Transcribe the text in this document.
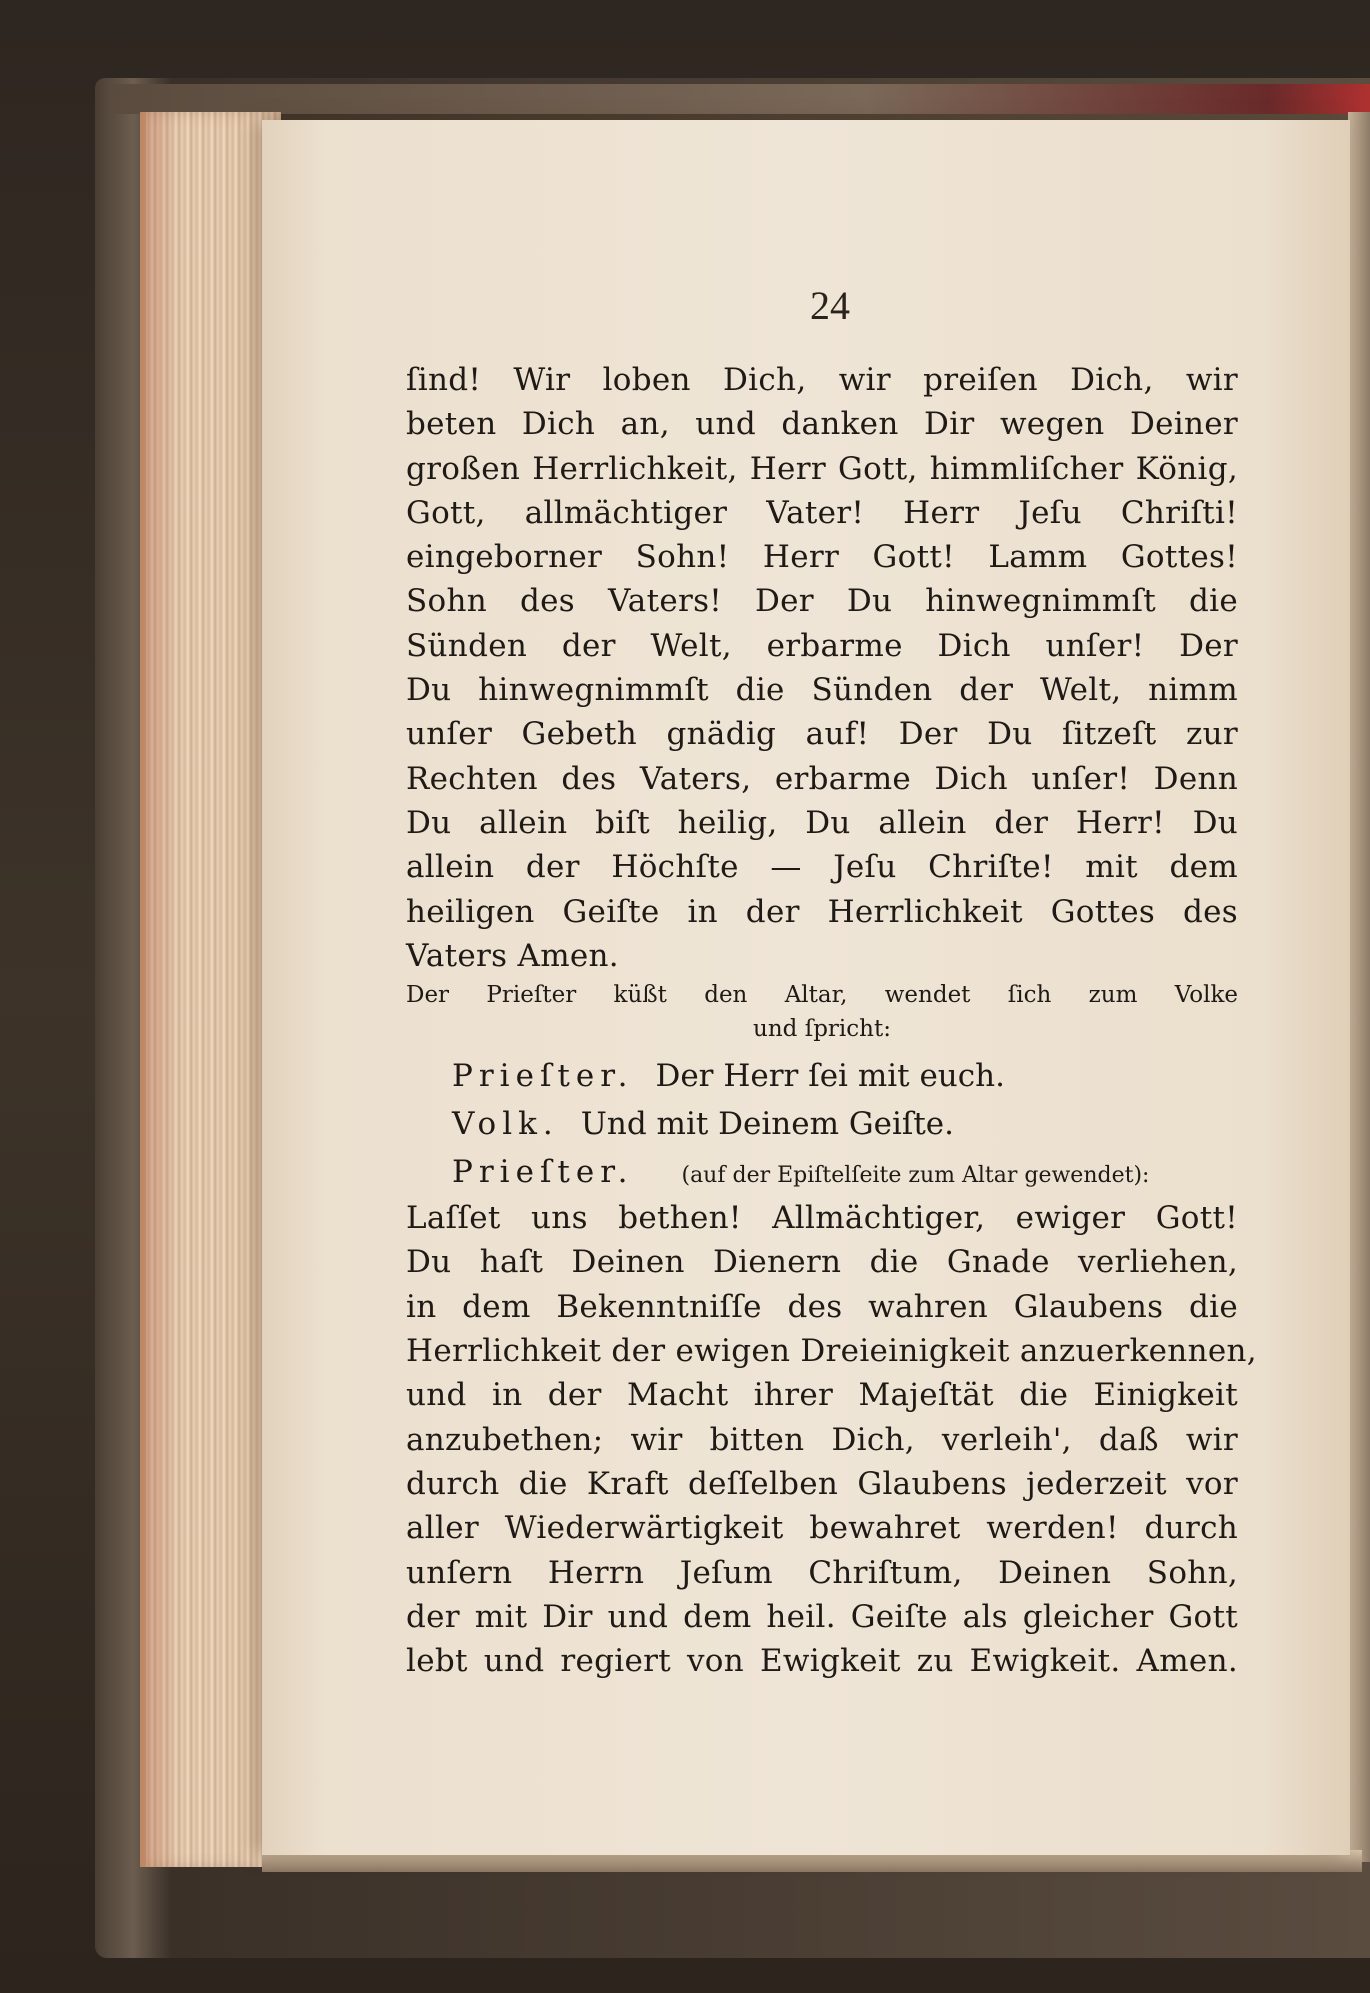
24
ſind! Wir loben Dich, wir preiſen Dich, wir
beten Dich an, und danken Dir wegen Deiner
großen Herrlichkeit, Herr Gott, himmliſcher König,
Gott, allmächtiger Vater! Herr Jeſu Chriſti!
eingeborner Sohn! Herr Gott! Lamm Gottes!
Sohn des Vaters! Der Du hinwegnimmſt die
Sünden der Welt, erbarme Dich unſer! Der
Du hinwegnimmſt die Sünden der Welt, nimm
unſer Gebeth gnädig auf! Der Du ſitzeſt zur
Rechten des Vaters, erbarme Dich unſer! Denn
Du allein biſt heilig, Du allein der Herr! Du
allein der Höchſte — Jeſu Chriſte! mit dem
heiligen Geiſte in der Herrlichkeit Gottes des
Vaters Amen.
Der Prieſter küßt den Altar, wendet ſich zum Volke
und ſpricht:
Prieſter. Der Herr ſei mit euch.
Volk. Und mit Deinem Geiſte.
Prieſter. (auf der Epiſtelſeite zum Altar gewendet):
Laſſet uns bethen! Allmächtiger, ewiger Gott!
Du haſt Deinen Dienern die Gnade verliehen,
in dem Bekenntniſſe des wahren Glaubens die
Herrlichkeit der ewigen Dreieinigkeit anzuerkennen,
und in der Macht ihrer Majeſtät die Einigkeit
anzubethen; wir bitten Dich, verleih', daß wir
durch die Kraft deſſelben Glaubens jederzeit vor
aller Wiederwärtigkeit bewahret werden! durch
unſern Herrn Jeſum Chriſtum, Deinen Sohn,
der mit Dir und dem heil. Geiſte als gleicher Gott
lebt und regiert von Ewigkeit zu Ewigkeit. Amen.
